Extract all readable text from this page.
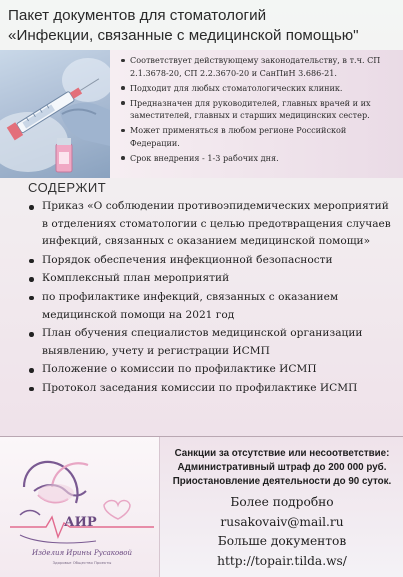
Пакет документов для стоматологий
«Инфекции, связанные с медицинской помощью"
Соответствует действующему законодательству, в т.ч. СП 2.1.3678-20, СП 2.2.3670-20 и СанПиН 3.686-21.
Подходит для любых стоматологических клиник.
Предназначен для руководителей, главных врачей и их заместителей, главных и старших медицинских сестер.
Может применяться в любом регионе Российской Федерации.
Срок внедрения - 1-3 рабочих дня.
СОДЕРЖИТ
Приказ «О соблюдении противоэпидемических мероприятий в отделениях стоматологии с целью предотвращения случаев инфекций, связанных с оказанием медицинской помощи»
Порядок обеспечения инфекционной безопасности
Комплексный план мероприятий
по профилактике инфекций, связанных с оказанием медицинской помощи на 2021 год
План обучения специалистов медицинской организации выявлению, учету и регистрации ИСМП
Положение о комиссии по профилактике ИСМП
Протокол заседания комиссии по профилактике ИСМП
АИР
Изделия Ирины Русаковой
Здоровье Общество Проекты
Санкции за отсутствие или несоответствие:
Административный штраф до 200 000 руб.
Приостановление деятельности до 90 суток.
Более подробно
rusakovaiv@mail.ru
Больше документов
http://topair.tilda.ws/
